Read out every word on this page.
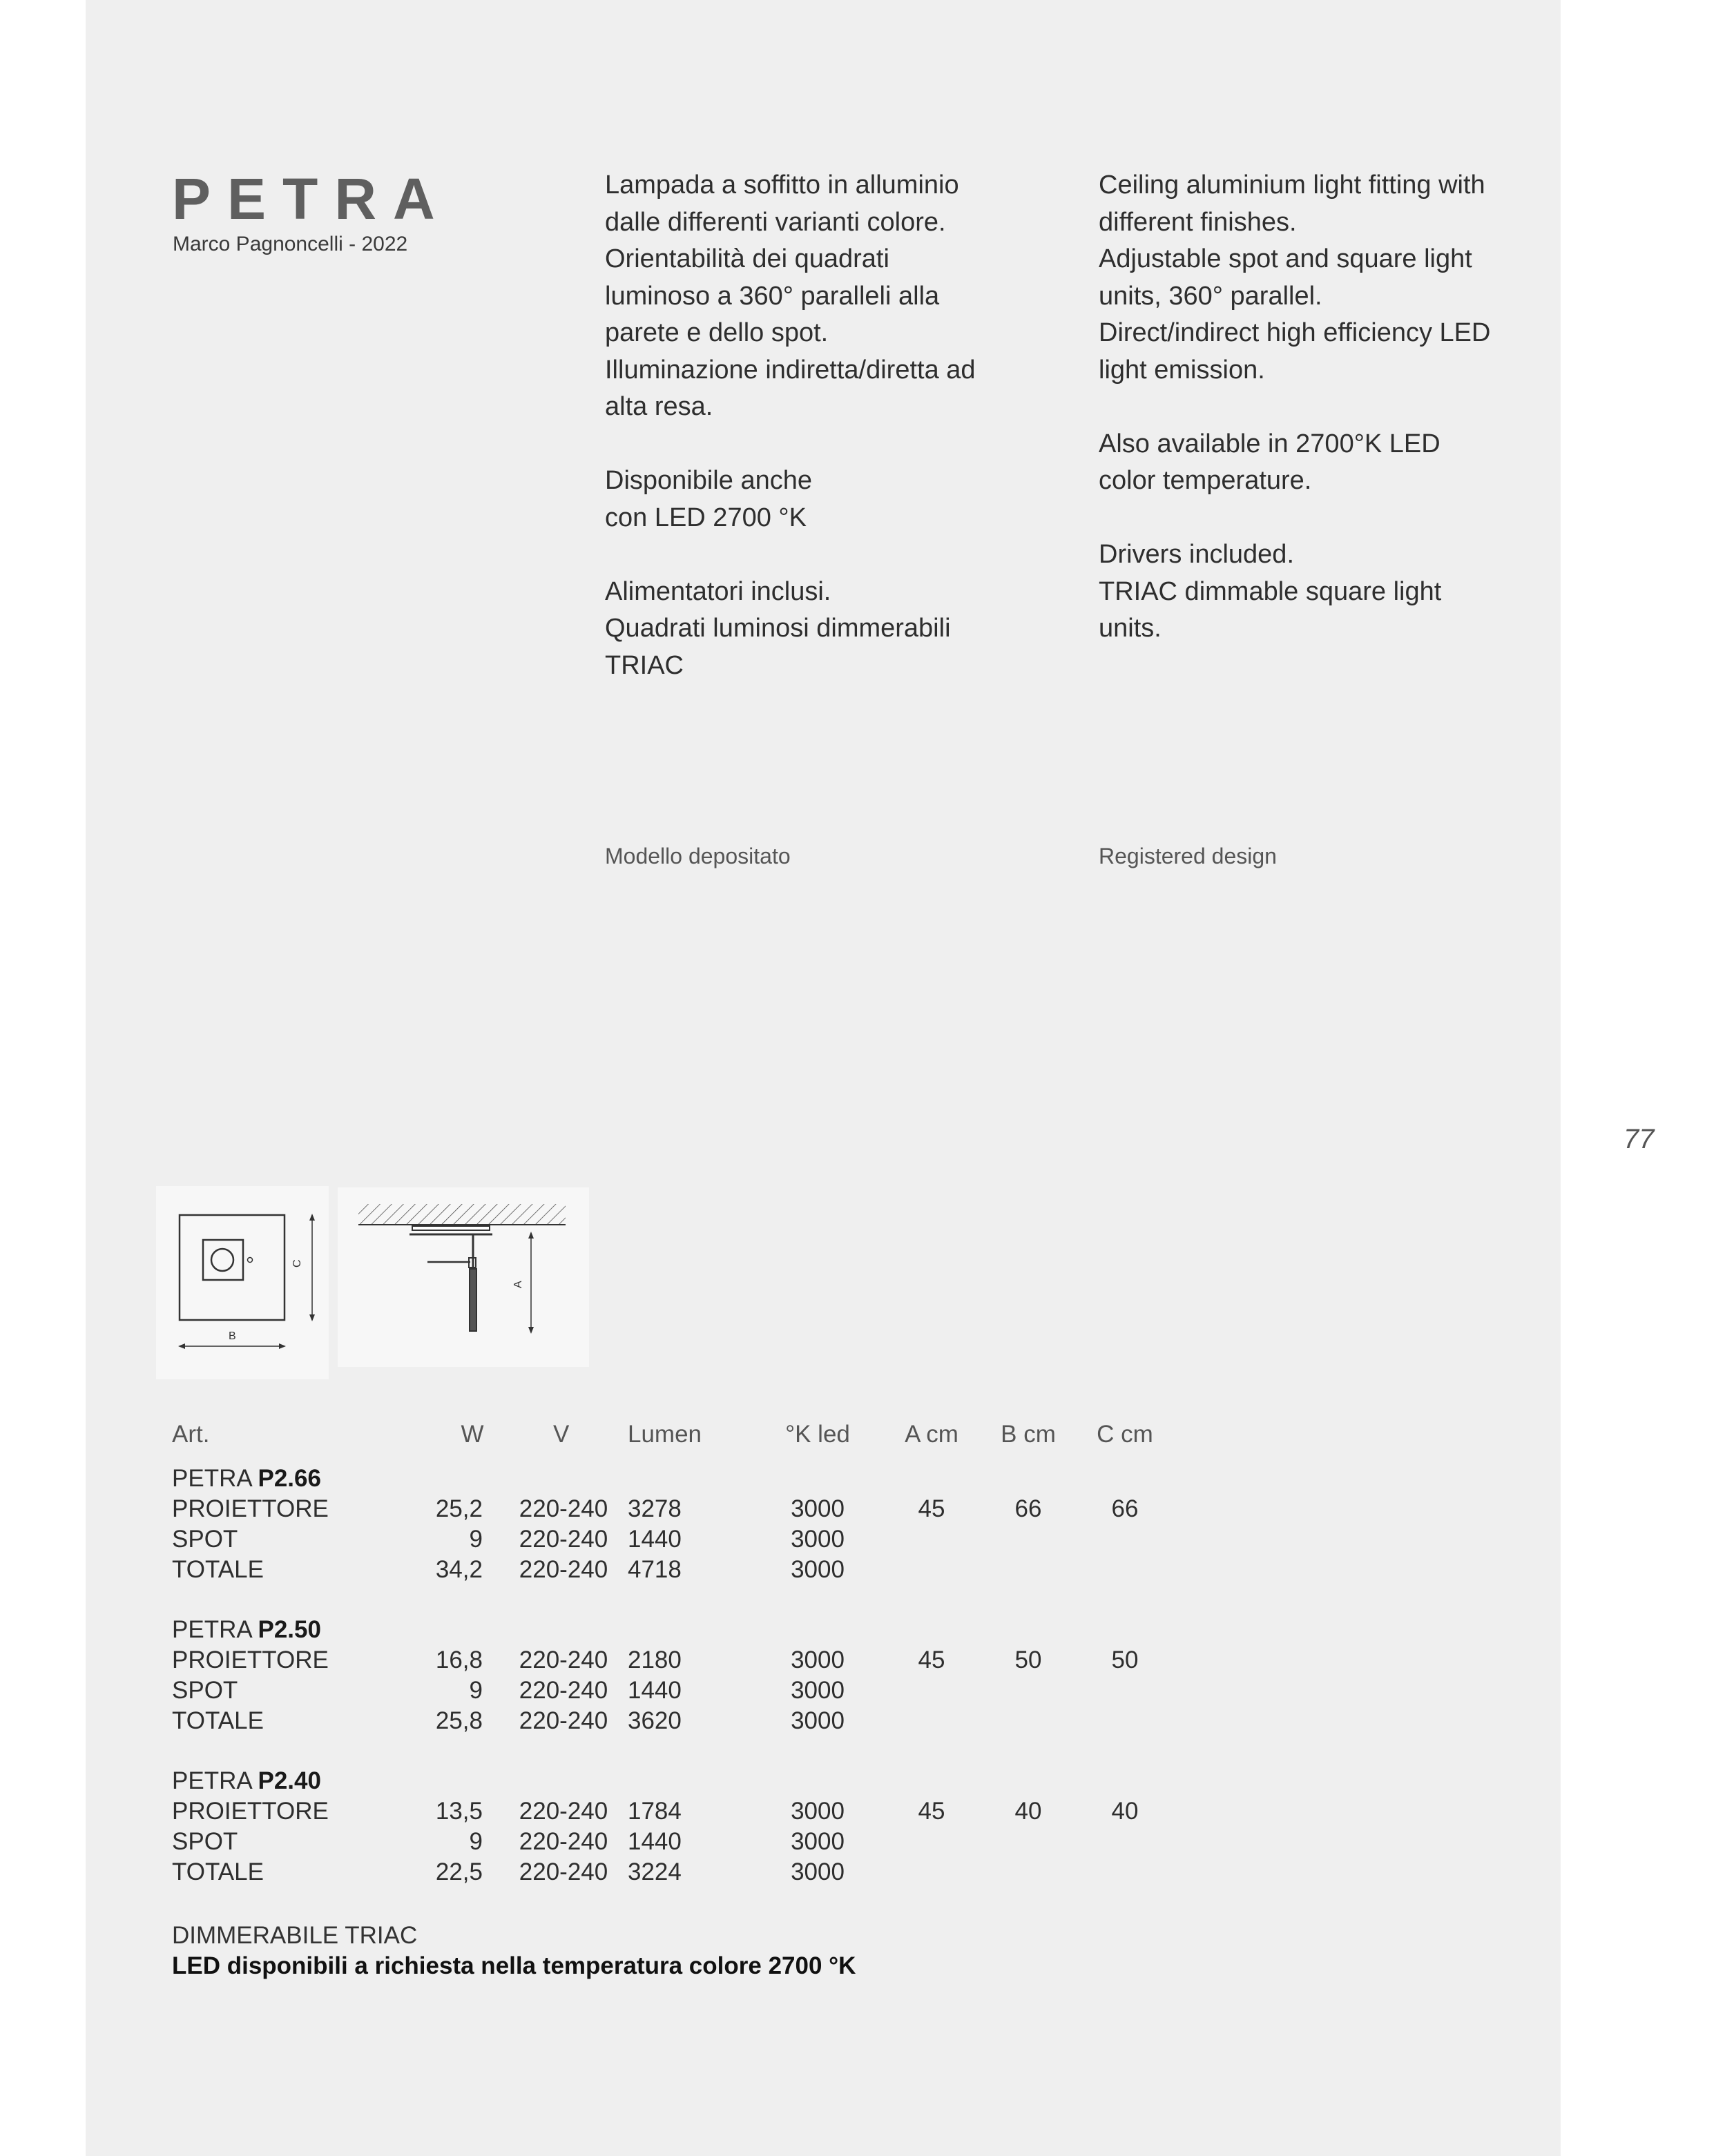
PETRA
Marco Pagnoncelli - 2022
Lampada a soffitto in alluminio
dalle differenti varianti colore.
Orientabilità dei quadrati
luminoso a 360° paralleli alla
parete e dello spot.
Illuminazione indiretta/diretta ad
alta resa.

Disponibile anche
con LED 2700 °K

Alimentatori inclusi.
Quadrati luminosi dimmerabili
TRIAC
Ceiling aluminium light fitting with
different finishes.
Adjustable spot and square light
units, 360° parallel.
Direct/indirect high efficiency LED
light emission.

Also available in 2700°K LED
color temperature.

Drivers included.
TRIAC dimmable square light
units.
Modello depositato	Registered design
77
C
B
A
Art.	W	V Lumen	°K led	A cm	B cm C cm
PETRA P2.66
PROIETTORE	25,2 220-240 3278	3000	45	66	66
SPOT	9 220-240 1440	3000
TOTALE	34,2 220-240 4718	3000
PETRA P2.50
PROIETTORE	16,8 220-240 2180	3000	45	50	50
SPOT	9 220-240 1440	3000
TOTALE	25,8 220-240 3620	3000
PETRA P2.40
PROIETTORE	13,5 220-240 1784	3000	45	40	40
SPOT	9 220-240 1440	3000
TOTALE	22,5 220-240 3224	3000
DIMMERABILE TRIAC
LED disponibili a richiesta nella temperatura colore 2700 °K
